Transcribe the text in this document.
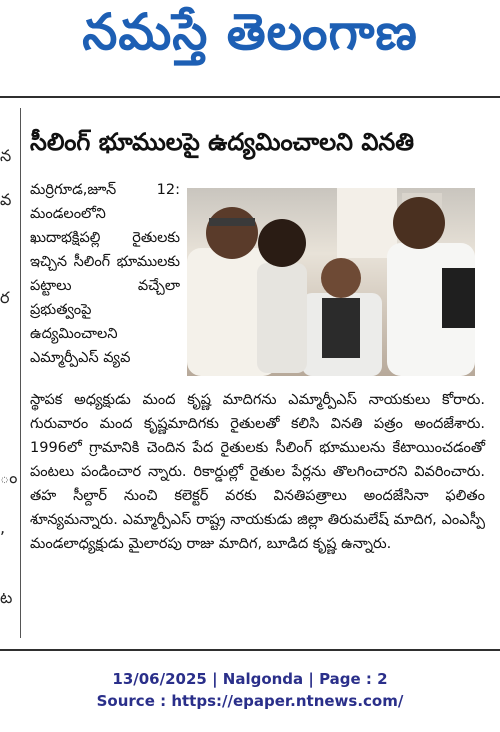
నమస్తే తెలంగాణ
న
వ
ర
ం
,
ట
సీలింగ్ భూములపై ఉద్యమించాలని వినతి
మర్రిగూడ,జూన్ 12: మండలంలోని ఖుదాభక్షిపల్లి రైతులకు ఇచ్చిన సీలింగ్ భూములకు పట్టాలు వచ్చేలా ప్రభుత్వంపై ఉద్యమించాలని ఎమ్మార్పీఎస్ వ్యవ
స్థాపక అధ్యక్షుడు మంద కృష్ణ మాదిగను ఎమ్మార్పీఎస్ నాయకులు కోరారు. గురువారం మంద కృష్ణమాదిగకు రైతులతో కలిసి వినతి పత్రం అందజేశారు. 1996లో గ్రామానికి చెందిన పేద రైతులకు సీలింగ్ భూములను కేటాయించడంతో పంటలు పండించార న్నారు. రికార్డుల్లో రైతుల పేర్లను తొలగించారని వివరించారు. తహ సీల్దార్ నుంచి కలెక్టర్ వరకు వినతిపత్రాలు అందజేసినా ఫలితం శూన్యమన్నారు. ఎమ్మార్పీఎస్ రాష్ట్ర నాయకుడు జిల్లా తిరుమలేష్ మాదిగ, ఎంఎస్పీ మండలాధ్యక్షుడు మైలారపు రాజు మాదిగ, బూడిద కృష్ణ ఉన్నారు.
13/06/2025 | Nalgonda | Page : 2
Source : https://epaper.ntnews.com/
